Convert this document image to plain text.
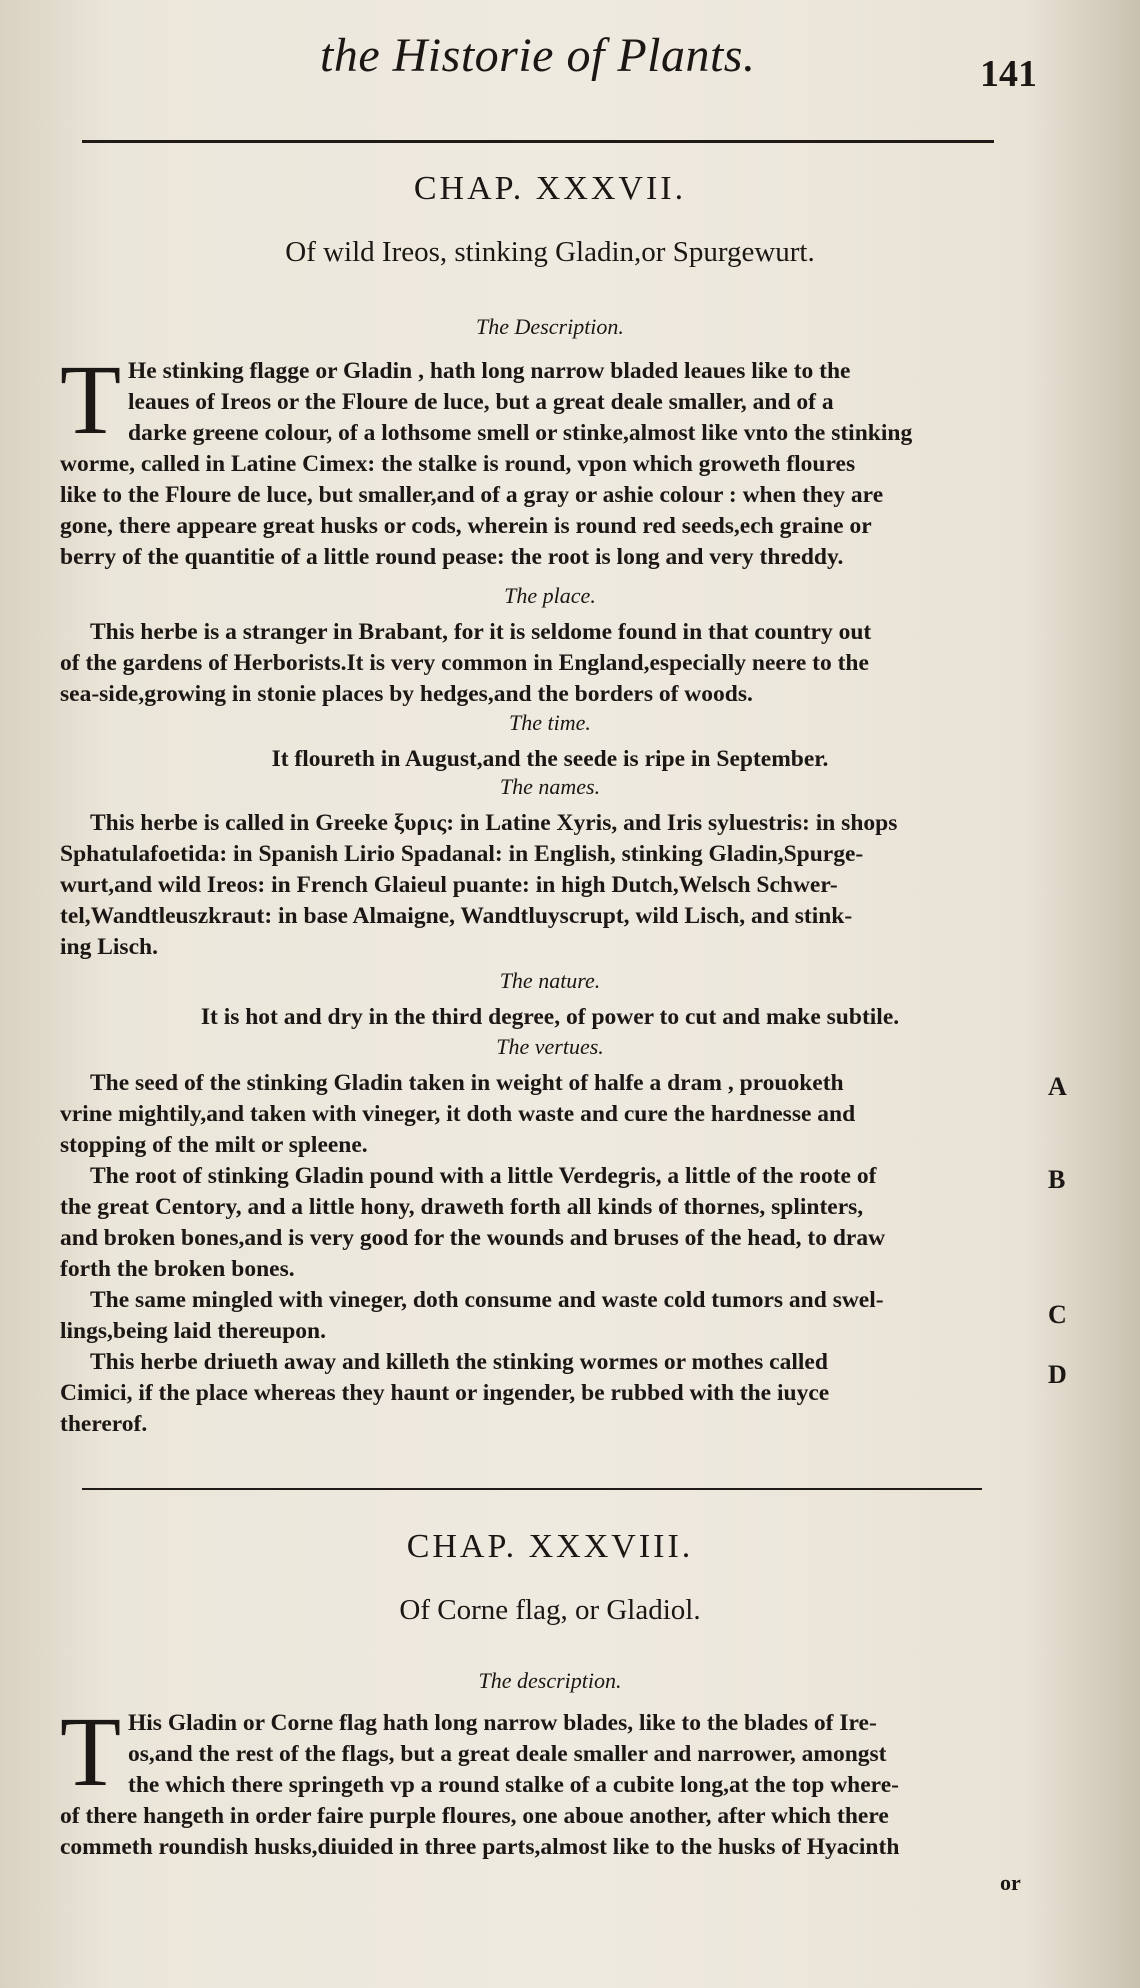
the Historie of Plants.	141
CHAP. XXXVII.
Of wild Ireos, stinking Gladin,or Spurgewurt.
The Description.
T He stinking flagge or Gladin , hath long narrow bladed leaues like to the
leaues of Ireos or the Floure de luce, but a great deale smaller, and of a
darke greene colour, of a lothsome smell or stinke,almost like vnto the stinking
worme, called in Latine Cimex: the stalke is round, vpon which groweth floures
like to the Floure de luce, but smaller,and of a gray or ashie colour : when they are
gone, there appeare great husks or cods, wherein is round red seeds,ech graine or
berry of the quantitie of a little round pease: the root is long and very threddy.
The place.
This herbe is a stranger in Brabant, for it is seldome found in that country out
of the gardens of Herborists.It is very common in England,especially neere to the
sea-side,growing in stonie places by hedges,and the borders of woods.
The time.
It floureth in August,and the seede is ripe in September.
The names.
This herbe is called in Greeke ξυρις: in Latine Xyris, and Iris syluestris: in shops
Sphatulafoetida: in Spanish Lirio Spadanal: in English, stinking Gladin,Spurge-
wurt,and wild Ireos: in French Glaieul puante: in high Dutch,Welsch Schwer-
tel,Wandtleuszkraut: in base Almaigne, Wandtluyscrupt, wild Lisch, and stink-
ing Lisch.
The nature.
It is hot and dry in the third degree, of power to cut and make subtile.
The vertues.
The seed of the stinking Gladin taken in weight of halfe a dram , prouoketh
vrine mightily,and taken with vineger, it doth waste and cure the hardnesse and
stopping of the milt or spleene.
A
The root of stinking Gladin pound with a little Verdegris, a little of the roote of
the great Centory, and a little hony, draweth forth all kinds of thornes, splinters,
and broken bones,and is very good for the wounds and bruses of the head, to draw
forth the broken bones.
B
The same mingled with vineger, doth consume and waste cold tumors and swel-
lings,being laid thereupon.
C
This herbe driueth away and killeth the stinking wormes or mothes called
Cimici, if the place whereas they haunt or ingender, be rubbed with the iuyce
thererof.
D
CHAP. XXXVIII.
Of Corne flag, or Gladiol.
The description.
T His Gladin or Corne flag hath long narrow blades, like to the blades of Ire-
os,and the rest of the flags, but a great deale smaller and narrower, amongst
the which there springeth vp a round stalke of a cubite long,at the top where-
of there hangeth in order faire purple floures, one aboue another, after which there
commeth roundish husks,diuided in three parts,almost like to the husks of Hyacinth
or
